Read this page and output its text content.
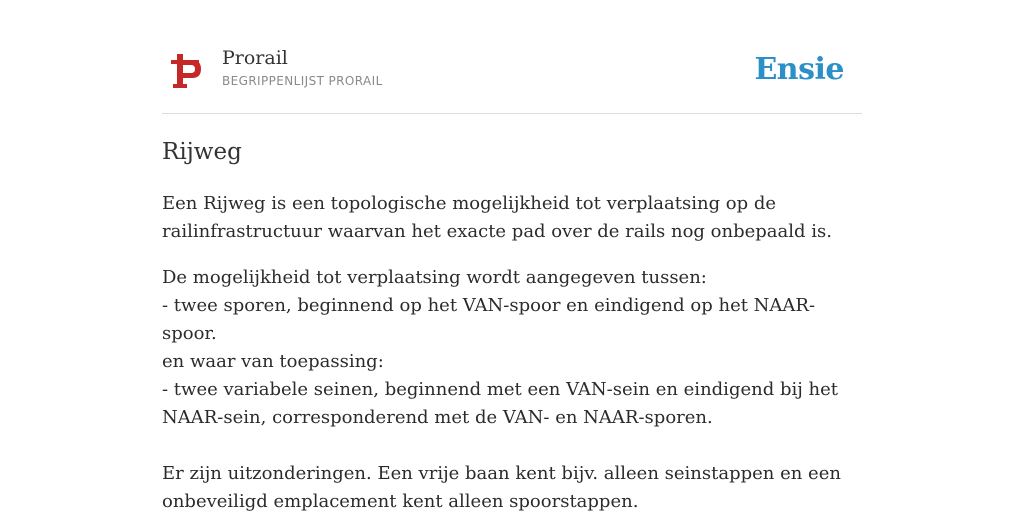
Prorail
BEGRIPPENLIJST PRORAIL	Ensie
Rijweg

Een Rijweg is een topologische mogelijkheid tot verplaatsing op de
railinfrastructuur waarvan het exacte pad over de rails nog onbepaald is.

De mogelijkheid tot verplaatsing wordt aangegeven tussen:
- twee sporen, beginnend op het VAN-spoor en eindigend op het NAAR-spoor.
en waar van toepassing:
- twee variabele seinen, beginnend met een VAN-sein en eindigend bij het
NAAR-sein, corresponderend met de VAN- en NAAR-sporen.

Er zijn uitzonderingen. Een vrije baan kent bijv. alleen seinstappen en een
onbeveiligd emplacement kent alleen spoorstappen.
